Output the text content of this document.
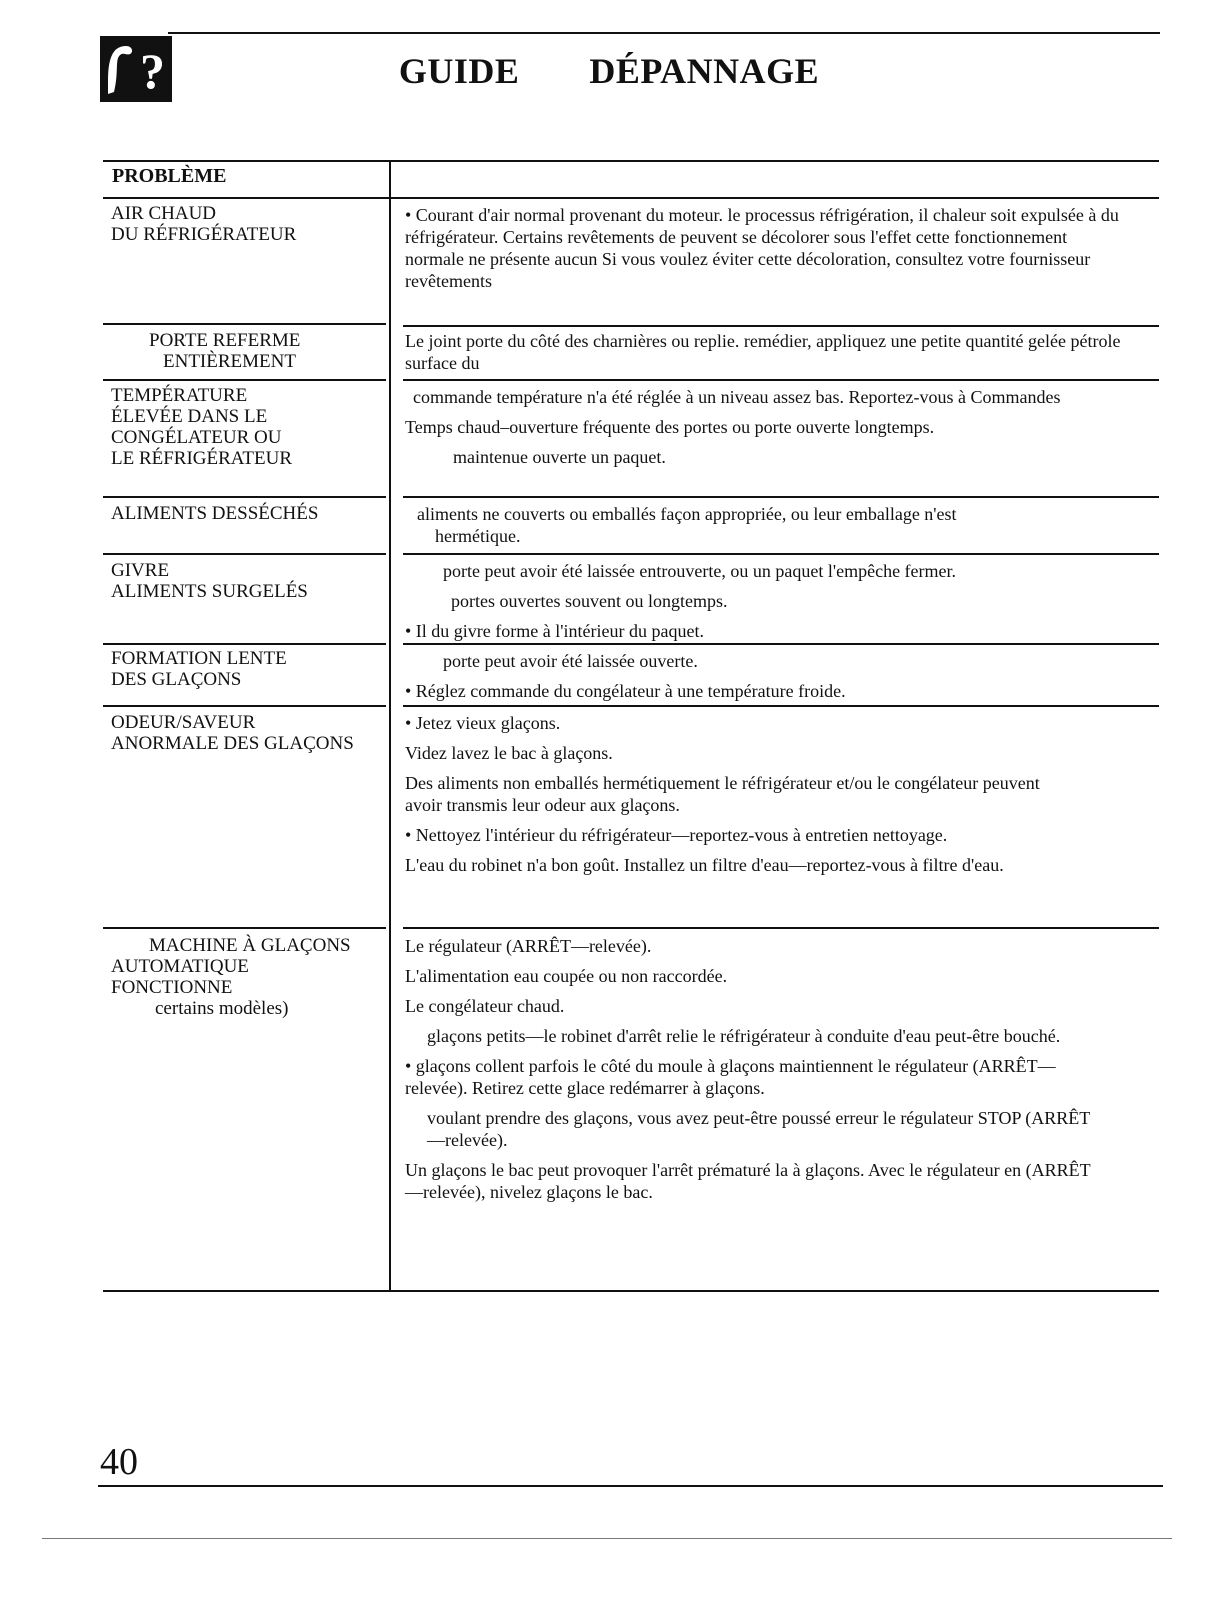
?	GUIDE DÉPANNAGE
PROBLÈME
AIR CHAUD
DU RÉFRIGÉRATEUR

• Courant d'air normal provenant du moteur. le processus réfrigération, il chaleur soit expulsée à du réfrigérateur. Certains revêtements de peuvent se décolorer sous l'effet cette fonctionnement normale ne présente aucun Si vous voulez éviter cette décoloration, consultez votre fournisseur revêtements

PORTE REFERME
ENTIÈREMENT

Le joint porte du côté des charnières ou replie. remédier, appliquez une petite quantité gelée pétrole surface du

TEMPÉRATURE
ÉLEVÉE DANS LE
CONGÉLATEUR OU
LE RÉFRIGÉRATEUR

commande température n'a été réglée à un niveau assez bas. Reportez-vous à Commandes

Temps chaud–ouverture fréquente des portes ou porte ouverte longtemps.

maintenue ouverte un paquet.

ALIMENTS DESSÉCHÉS	aliments ne couverts ou emballés façon appropriée, ou leur emballage n'est hermétique.

GIVRE
ALIMENTS SURGELÉS

porte peut avoir été laissée entrouverte, ou un paquet l'empêche fermer.

portes ouvertes souvent ou longtemps.

• Il du givre forme à l'intérieur du paquet.

FORMATION LENTE
DES GLAÇONS

porte peut avoir été laissée ouverte.

• Réglez commande du congélateur à une température froide.

ODEUR/SAVEUR
ANORMALE DES GLAÇONS

• Jetez vieux glaçons.

Videz lavez le bac à glaçons.

Des aliments non emballés hermétiquement le réfrigérateur et/ou le congélateur peuvent avoir transmis leur odeur aux glaçons.

• Nettoyez l'intérieur du réfrigérateur—reportez-vous à entretien nettoyage.

L'eau du robinet n'a bon goût. Installez un filtre d'eau—reportez-vous à filtre d'eau.

MACHINE À GLAÇONS
AUTOMATIQUE
FONCTIONNE
certains modèles)

Le régulateur (ARRÊT—relevée).

L'alimentation eau coupée ou non raccordée.

Le congélateur chaud.

glaçons petits—le robinet d'arrêt relie le réfrigérateur à conduite d'eau peut-être bouché.

• glaçons collent parfois le côté du moule à glaçons maintiennent le régulateur (ARRÊT—relevée). Retirez cette glace redémarrer à glaçons.

voulant prendre des glaçons, vous avez peut-être poussé erreur le régulateur STOP (ARRÊT—relevée).

Un glaçons le bac peut provoquer l'arrêt prématuré la à glaçons. Avec le régulateur en (ARRÊT—relevée), nivelez glaçons le bac.

40
